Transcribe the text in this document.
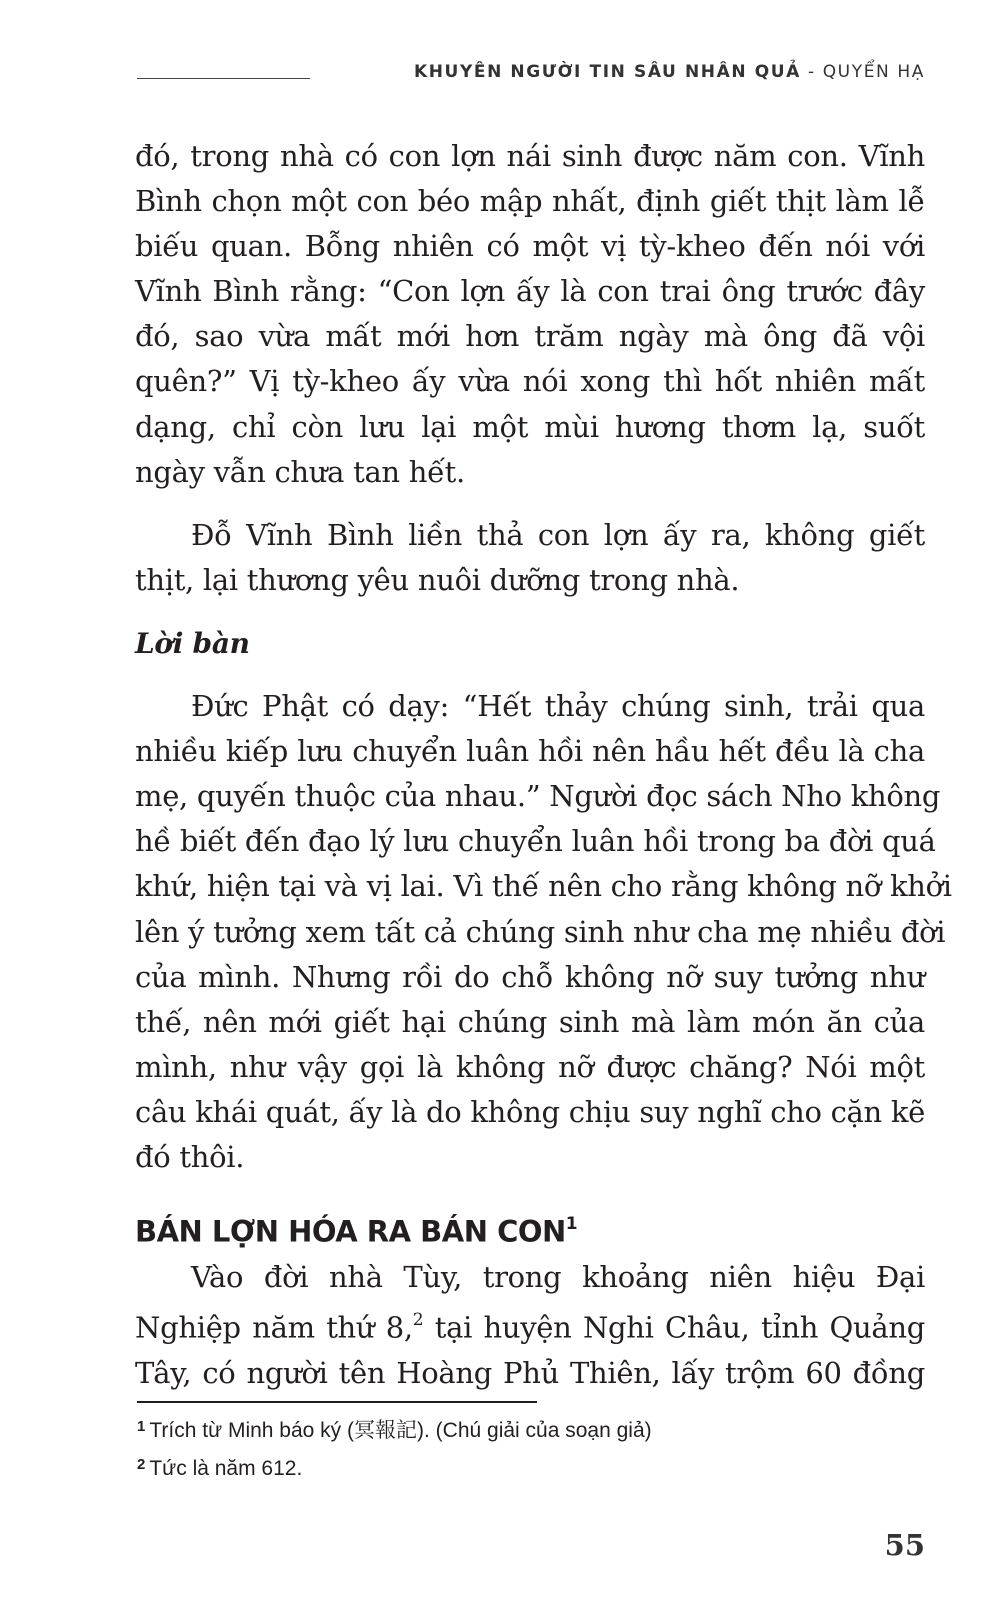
KHUYÊN NGƯỜI TIN SÂU NHÂN QUẢ - QUYỂN HẠ

đó, trong nhà có con lợn nái sinh được năm con. Vĩnh
Bình chọn một con béo mập nhất, định giết thịt làm lễ
biếu quan. Bỗng nhiên có một vị tỳ-kheo đến nói với
Vĩnh Bình rằng: “Con lợn ấy là con trai ông trước đây
đó, sao vừa mất mới hơn trăm ngày mà ông đã vội
quên?” Vị tỳ-kheo ấy vừa nói xong thì hốt nhiên mất
dạng, chỉ còn lưu lại một mùi hương thơm lạ, suốt
ngày vẫn chưa tan hết.

Đỗ Vĩnh Bình liền thả con lợn ấy ra, không giết
thịt, lại thương yêu nuôi dưỡng trong nhà.

Lời bàn

Đức Phật có dạy: “Hết thảy chúng sinh, trải qua
nhiều kiếp lưu chuyển luân hồi nên hầu hết đều là cha
mẹ, quyến thuộc của nhau.” Người đọc sách Nho không
hề biết đến đạo lý lưu chuyển luân hồi trong ba đời quá
khứ, hiện tại và vị lai. Vì thế nên cho rằng không nỡ khởi
lên ý tưởng xem tất cả chúng sinh như cha mẹ nhiều đời
của mình. Nhưng rồi do chỗ không nỡ suy tưởng như
thế, nên mới giết hại chúng sinh mà làm món ăn của
mình, như vậy gọi là không nỡ được chăng? Nói một
câu khái quát, ấy là do không chịu suy nghĩ cho cặn kẽ
đó thôi.

BÁN LỢN HÓA RA BÁN CON$^1$

Vào đời nhà Tùy, trong khoảng niên hiệu Đại
Nghiệp năm thứ 8,$^2$ tại huyện Nghi Châu, tỉnh Quảng
Tây, có người tên Hoàng Phủ Thiên, lấy trộm 60 đồng

$^1$ Trích từ Minh báo ký (冥報記). (Chú giải của soạn giả)
$^2$ Tức là năm 612.
55
